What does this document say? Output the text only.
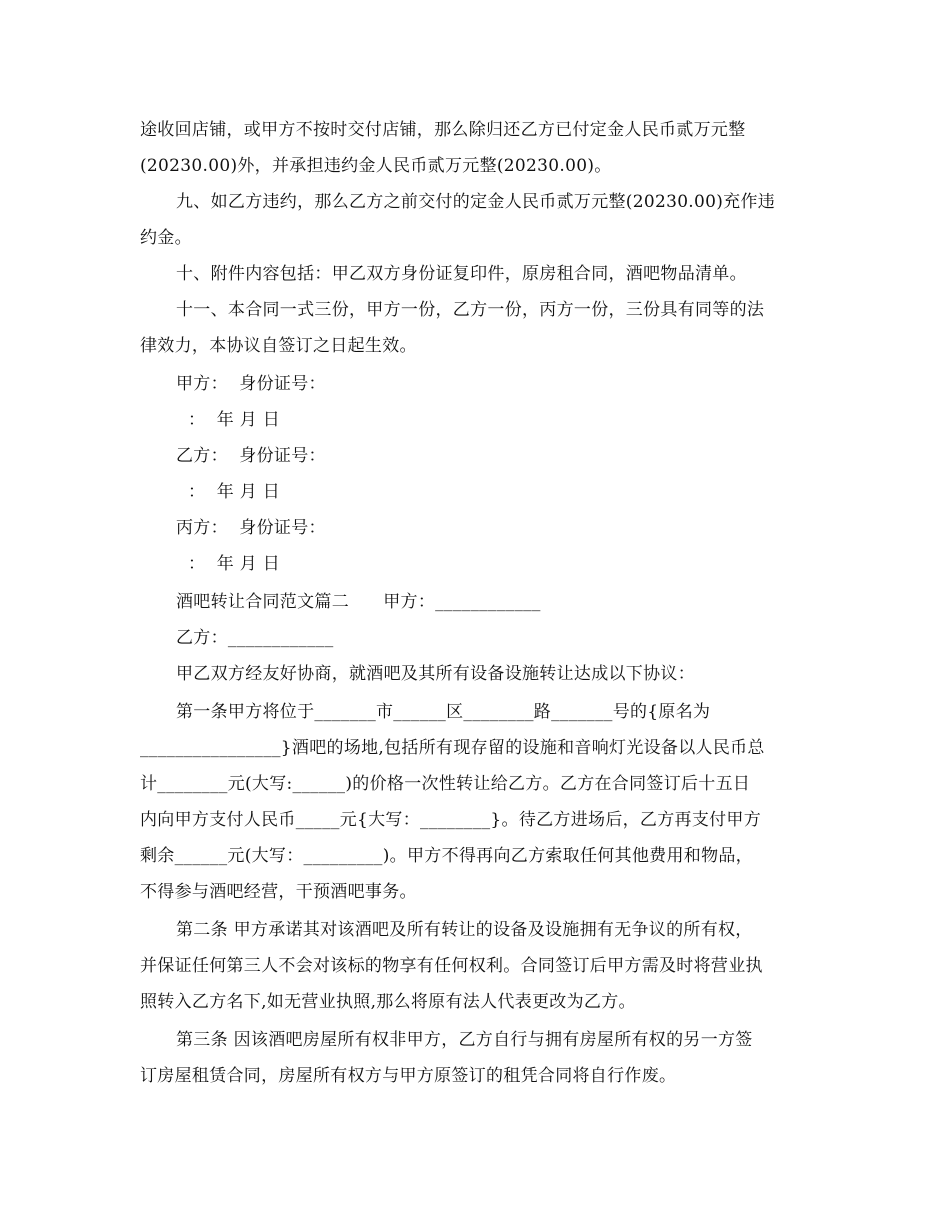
途收回店铺，或甲方不按时交付店铺，那么除归还乙方已付定金人民币贰万元整
(20230.00)外，并承担违约金人民币贰万元整(20230.00)。
九、如乙方违约，那么乙方之前交付的定金人民币贰万元整(20230.00)充作违
约金。
十、附件内容包括：甲乙双方身份证复印件，原房租合同，酒吧物品清单。
十一、本合同一式三份，甲方一份，乙方一份，丙方一份，三份具有同等的法
律效力，本协议自签订之日起生效。
甲方：  身份证号：
：  年 月 日
乙方：  身份证号：
：  年 月 日
丙方：  身份证号：
：  年 月 日
酒吧转让合同范文篇二      甲方：____________
乙方：____________
甲乙双方经友好协商，就酒吧及其所有设备设施转让达成以下协议：
第一条甲方将位于_______市______区________路_______号的{原名为
________________}酒吧的场地,包括所有现存留的设施和音响灯光设备以人民币总
计________元(大写:______)的价格一次性转让给乙方。乙方在合同签订后十五日
内向甲方支付人民币_____元{大写：________}。待乙方进场后，乙方再支付甲方
剩余______元(大写：_________)。甲方不得再向乙方索取任何其他费用和物品，
不得参与酒吧经营，干预酒吧事务。
第二条 甲方承诺其对该酒吧及所有转让的设备及设施拥有无争议的所有权，
并保证任何第三人不会对该标的物享有任何权利。合同签订后甲方需及时将营业执
照转入乙方名下,如无营业执照,那么将原有法人代表更改为乙方。
第三条 因该酒吧房屋所有权非甲方，乙方自行与拥有房屋所有权的另一方签
订房屋租赁合同，房屋所有权方与甲方原签订的租凭合同将自行作废。
